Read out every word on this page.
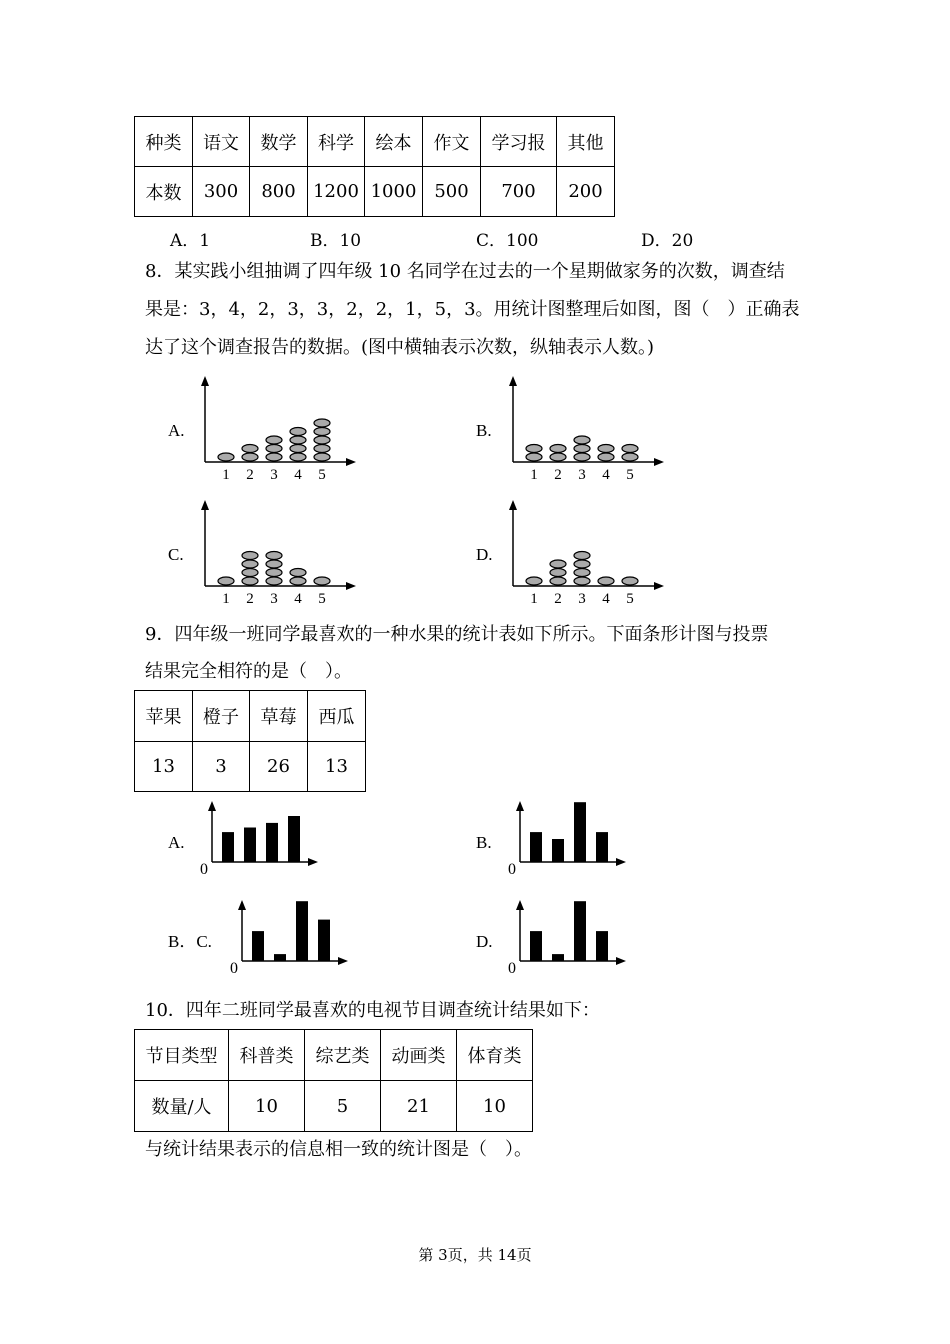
种类	语文	数学	科学	绘本	作文	学习报	其他
本数	300	800	1200	1000	500	700	200
A．1	B．10	C．100	D．20
8．某实践小组抽调了四年级 10 名同学在过去的一个星期做家务的次数，调查结
果是：3，4，2，3，3，2，2，1，5，3。用统计图整理后如图，图（　）正确表
达了这个调查报告的数据。(图中横轴表示次数，纵轴表示人数。)
A.
1 2 3 4 5
B.
1 2 3 4 5
C.
1 2 3 4 5
D.
1 2 3 4 5
9．四年级一班同学最喜欢的一种水果的统计表如下所示。下面条形计图与投票
结果完全相符的是（　）。
苹果	橙子	草莓	西瓜
13	3	26	13
A.
0
B.
0
B．C.
0
D.
0
10．四年二班同学最喜欢的电视节目调查统计结果如下：
节目类型	科普类	综艺类	动画类	体育类
数量/人	10	5	21	10
与统计结果表示的信息相一致的统计图是（　）。
第 3页，共 14页
